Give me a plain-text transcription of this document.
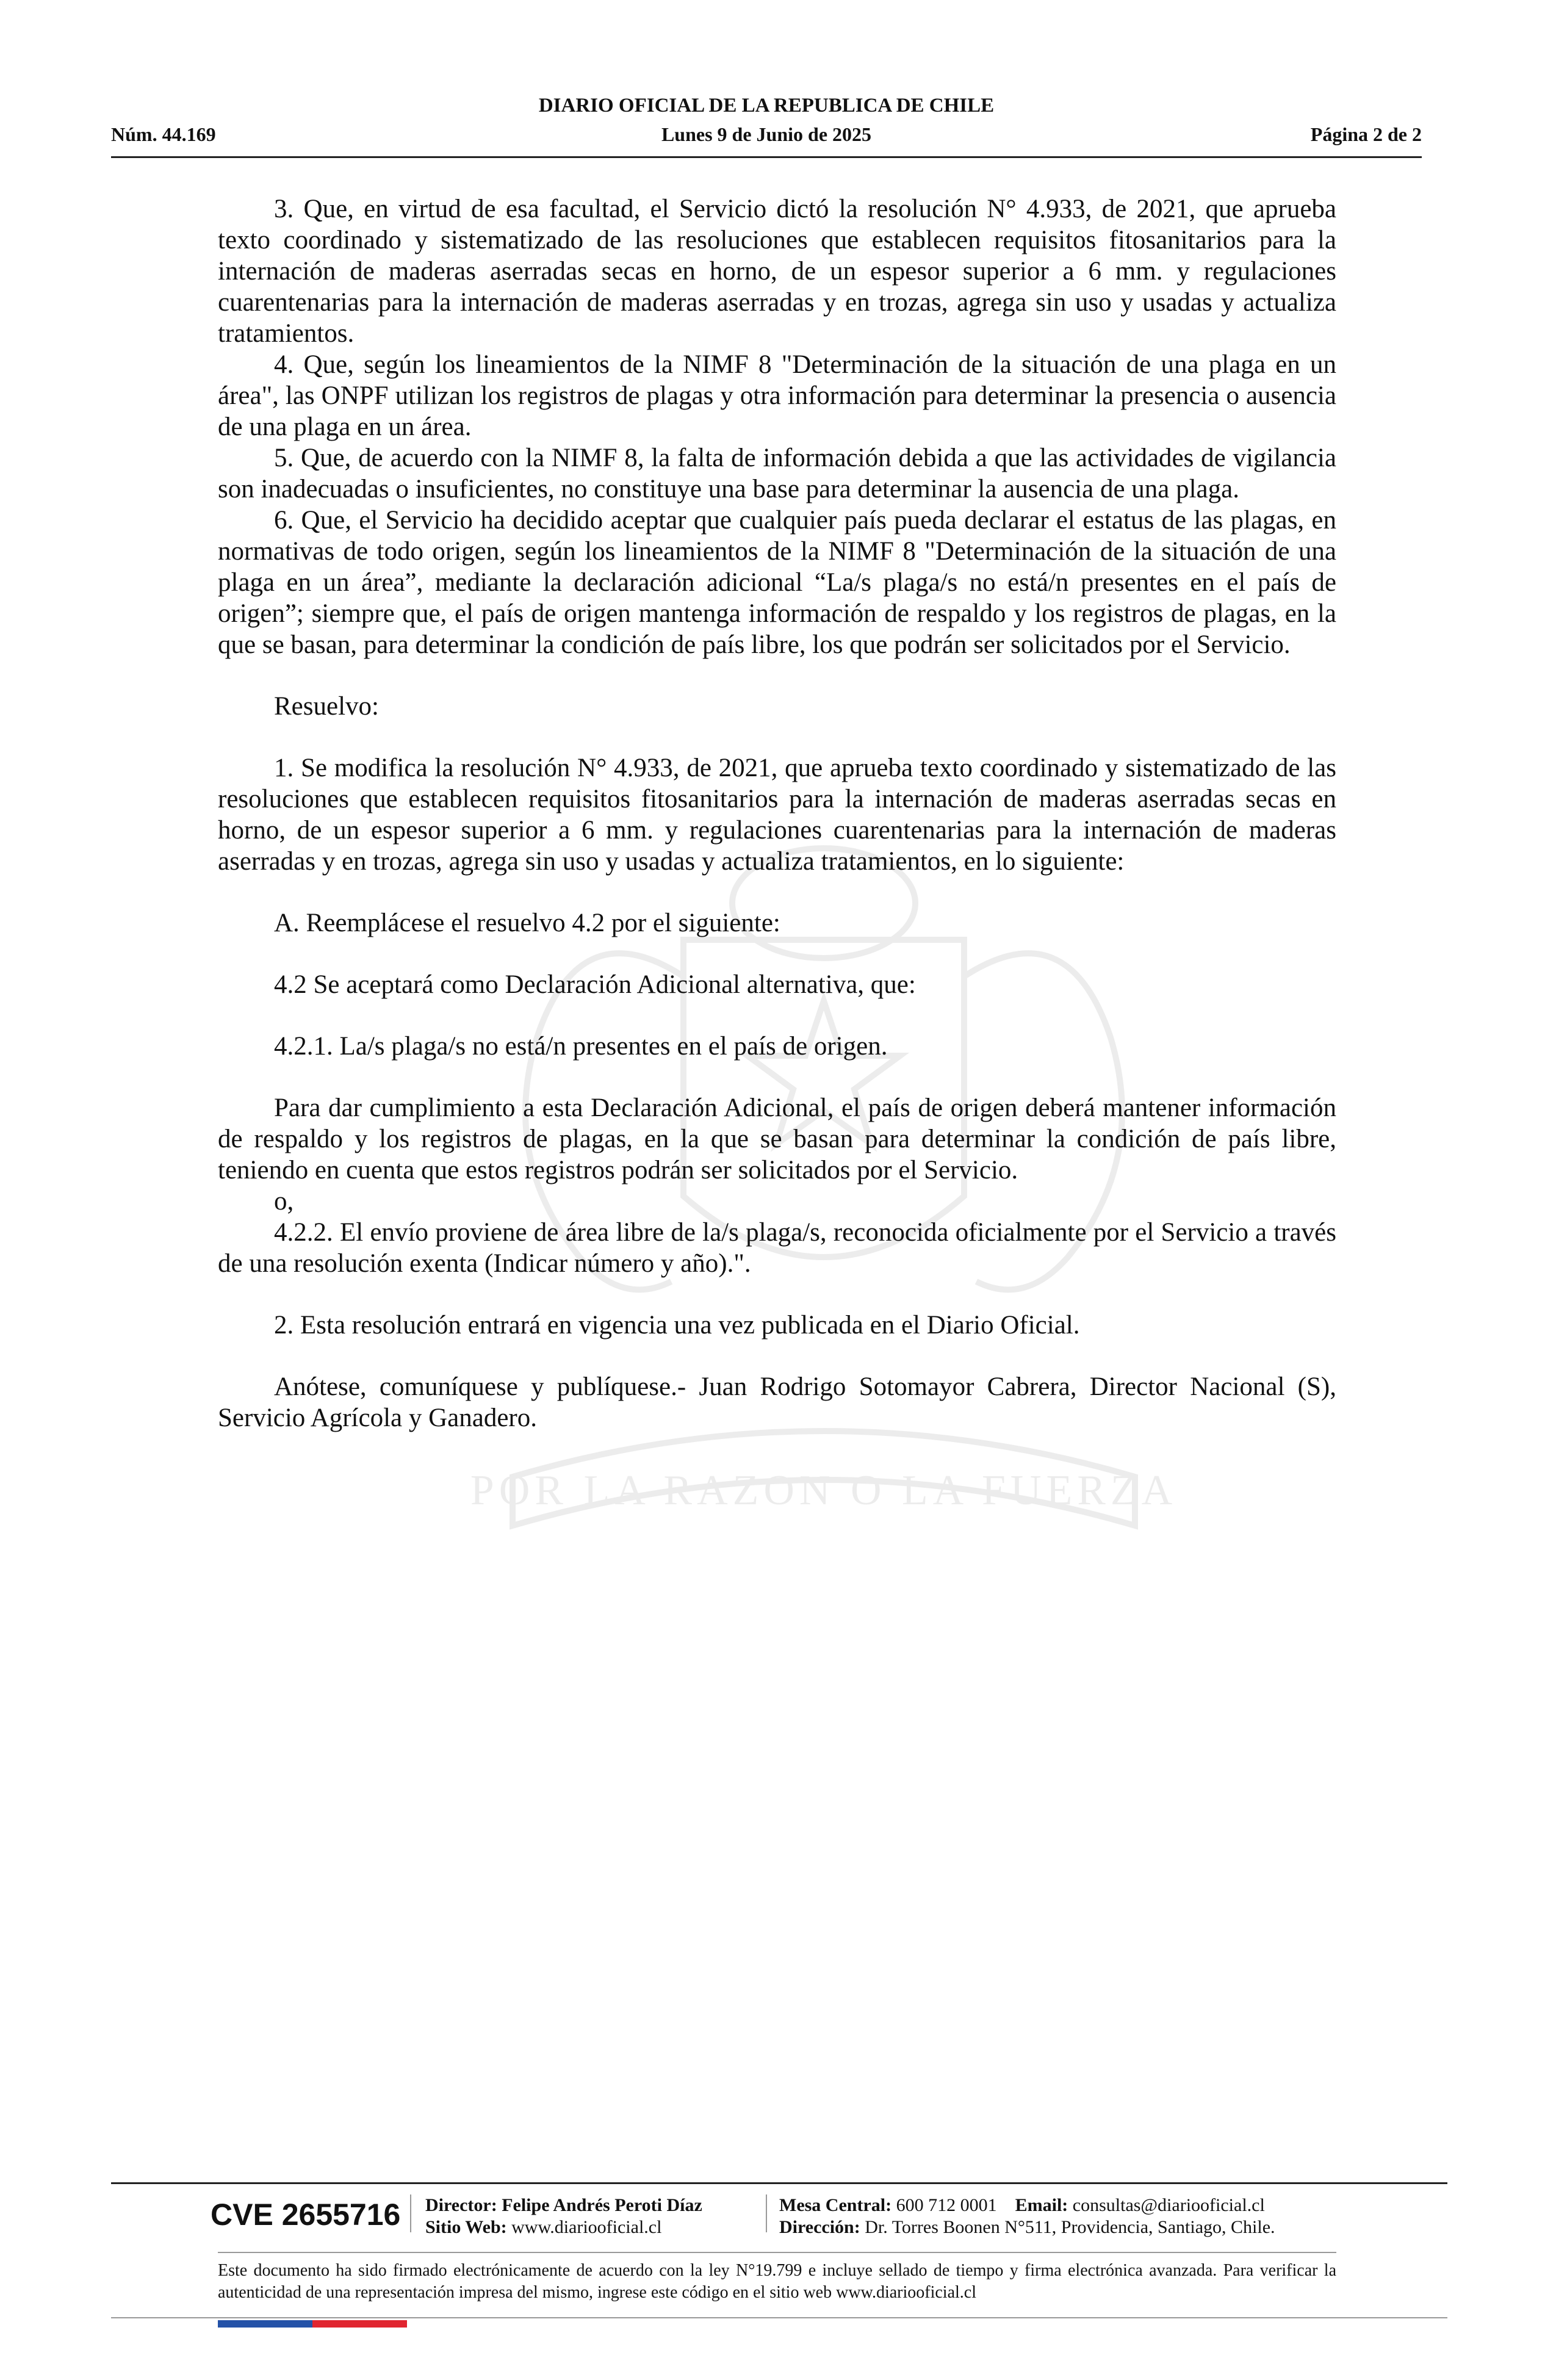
DIARIO OFICIAL DE LA REPUBLICA DE CHILE
Núm. 44.169	Lunes 9 de Junio de 2025	Página 2 de 2
POR LA RAZON O LA FUERZA

3. Que, en virtud de esa facultad, el Servicio dictó la resolución N° 4.933, de 2021, que aprueba texto coordinado y sistematizado de las resoluciones que establecen requisitos fitosanitarios para la internación de maderas aserradas secas en horno, de un espesor superior a 6 mm. y regulaciones cuarentenarias para la internación de maderas aserradas y en trozas, agrega sin uso y usadas y actualiza tratamientos.

4. Que, según los lineamientos de la NIMF 8 "Determinación de la situación de una plaga en un área", las ONPF utilizan los registros de plagas y otra información para determinar la presencia o ausencia de una plaga en un área.

5. Que, de acuerdo con la NIMF 8, la falta de información debida a que las actividades de vigilancia son inadecuadas o insuficientes, no constituye una base para determinar la ausencia de una plaga.

6. Que, el Servicio ha decidido aceptar que cualquier país pueda declarar el estatus de las plagas, en normativas de todo origen, según los lineamientos de la NIMF 8 "Determinación de la situación de una plaga en un área”, mediante la declaración adicional “La/s plaga/s no está/n presentes en el país de origen”; siempre que, el país de origen mantenga información de respaldo y los registros de plagas, en la que se basan, para determinar la condición de país libre, los que podrán ser solicitados por el Servicio.

Resuelvo:

1. Se modifica la resolución N° 4.933, de 2021, que aprueba texto coordinado y sistematizado de las resoluciones que establecen requisitos fitosanitarios para la internación de maderas aserradas secas en horno, de un espesor superior a 6 mm. y regulaciones cuarentenarias para la internación de maderas aserradas y en trozas, agrega sin uso y usadas y actualiza tratamientos, en lo siguiente:

A. Reemplácese el resuelvo 4.2 por el siguiente:

4.2 Se aceptará como Declaración Adicional alternativa, que:

4.2.1. La/s plaga/s no está/n presentes en el país de origen.

Para dar cumplimiento a esta Declaración Adicional, el país de origen deberá mantener información de respaldo y los registros de plagas, en la que se basan para determinar la condición de país libre, teniendo en cuenta que estos registros podrán ser solicitados por el Servicio.

o,

4.2.2. El envío proviene de área libre de la/s plaga/s, reconocida oficialmente por el Servicio a través de una resolución exenta (Indicar número y año).".

2. Esta resolución entrará en vigencia una vez publicada en el Diario Oficial.

Anótese, comuníquese y publíquese.- Juan Rodrigo Sotomayor Cabrera, Director Nacional (S), Servicio Agrícola y Ganadero.

CVE 2655716 Director: Felipe Andrés Peroti Díaz
Sitio Web: www.diariooficial.cl
Mesa Central: 600 712 0001 Email: consultas@diariooficial.cl
Dirección: Dr. Torres Boonen N°511, Providencia, Santiago, Chile.
Este documento ha sido firmado electrónicamente de acuerdo con la ley N°19.799 e incluye sellado de tiempo y firma electrónica avanzada. Para verificar la autenticidad de una representación impresa del mismo, ingrese este código en el sitio web www.diariooficial.cl
